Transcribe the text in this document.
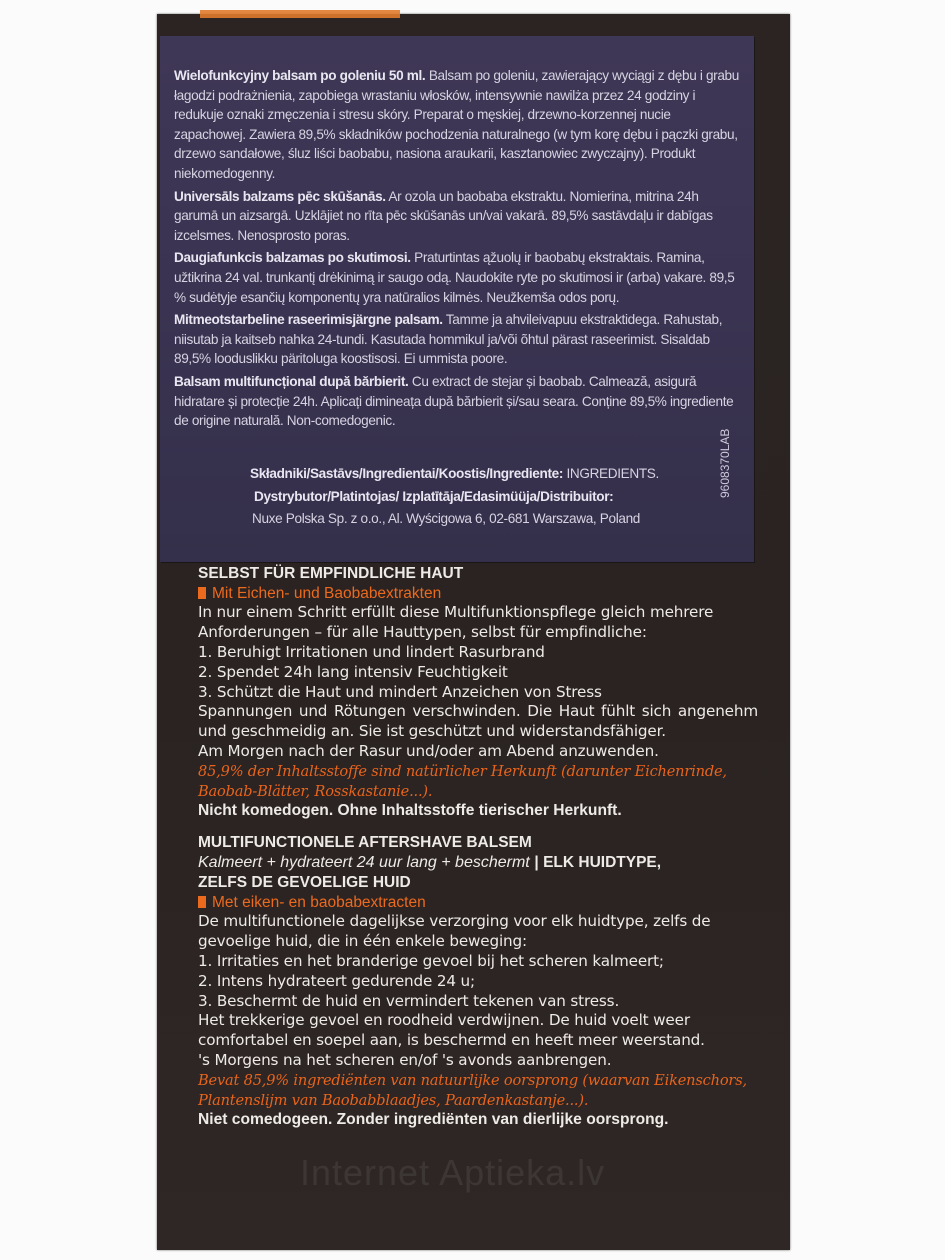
SELBST FÜR EMPFINDLICHE HAUT

Mit Eichen- und Baobabextrakten

In nur einem Schritt erfüllt diese Multifunktionspflege gleich mehrere Anforderungen – für alle Hauttypen, selbst für empfindliche:

1. Beruhigt Irritationen und lindert Rasurbrand

2. Spendet 24h lang intensiv Feuchtigkeit

3. Schützt die Haut und mindert Anzeichen von Stress

Spannungen und Rötungen verschwinden. Die Haut fühlt sich angenehm und geschmeidig an. Sie ist geschützt und widerstandsfähiger.

Am Morgen nach der Rasur und/oder am Abend anzuwenden.

85,9% der Inhaltsstoffe sind natürlicher Herkunft (darunter Eichenrinde, Baobab-Blätter, Rosskastanie...).

Nicht komedogen. Ohne Inhaltsstoffe tierischer Herkunft.

MULTIFUNCTIONELE AFTERSHAVE BALSEM

Kalmeert + hydrateert 24 uur lang + beschermt | ELK HUIDTYPE,

ZELFS DE GEVOELIGE HUID

Met eiken- en baobabextracten

De multifunctionele dagelijkse verzorging voor elk huidtype, zelfs de gevoelige huid, die in één enkele beweging:

1. Irritaties en het branderige gevoel bij het scheren kalmeert;

2. Intens hydrateert gedurende 24 u;

3. Beschermt de huid en vermindert tekenen van stress.

Het trekkerige gevoel en roodheid verdwijnen. De huid voelt weer comfortabel en soepel aan, is beschermd en heeft meer weerstand.

's Morgens na het scheren en/of 's avonds aanbrengen.

Bevat 85,9% ingrediënten van natuurlijke oorsprong (waarvan Eikenschors, Plantenslijm van Baobabblaadjes, Paardenkastanje...).

Niet comedogeen. Zonder ingrediënten van dierlijke oorsprong.

Wielofunkcyjny balsam po goleniu 50 ml. Balsam po goleniu, zawierający wyciągi z dębu i grabu łagodzi podrażnienia, zapobiega wrastaniu włosków, intensywnie nawilża przez 24 godziny i redukuje oznaki zmęczenia i stresu skóry. Preparat o męskiej, drzewno-korzennej nucie zapachowej. Zawiera 89,5% składników pochodzenia naturalnego (w tym korę dębu i pączki grabu, drzewo sandałowe, śluz liści baobabu, nasiona araukarii, kasztanowiec zwyczajny). Produkt niekomedogenny.

Universāls balzams pēc skūšanās. Ar ozola un baobaba ekstraktu. Nomierina, mitrina 24h garumā un aizsargā. Uzklājiet no rīta pēc skūšanās un/vai vakarā. 89,5% sastāvdaļu ir dabīgas izcelsmes. Nenosprosto poras.

Daugiafunkcis balzamas po skutimosi. Praturtintas ąžuolų ir baobabų ekstraktais. Ramina, užtikrina 24 val. trunkantį drėkinimą ir saugo odą. Naudokite ryte po skutimosi ir (arba) vakare. 89,5 % sudėtyje esančių komponentų yra natūralios kilmės. Neužkemša odos porų.

Mitmeotstarbeline raseerimisjärgne palsam. Tamme ja ahvileivapuu ekstraktidega. Rahustab, niisutab ja kaitseb nahka 24-tundi. Kasutada hommikul ja/või õhtul pärast raseerimist. Sisaldab 89,5% looduslikku päritoluga koostisosi. Ei ummista poore.

Balsam multifuncțional după bărbierit. Cu extract de stejar și baobab. Calmează, asigură hidratare și protecție 24h. Aplicați dimineața după bărbierit și/sau seara. Conține 89,5% ingrediente de origine naturală. Non-comedogenic.

Składniki/Sastāvs/Ingredientai/Koostis/Ingrediente: INGREDIENTS.

Dystrybutor/Platintojas/ Izplatītāja/Edasimüüja/Distribuitor:

Nuxe Polska Sp. z o.o., Al. Wyścigowa 6, 02-681 Warszawa, Poland

9608370LAB
Internet Aptieka.lv
